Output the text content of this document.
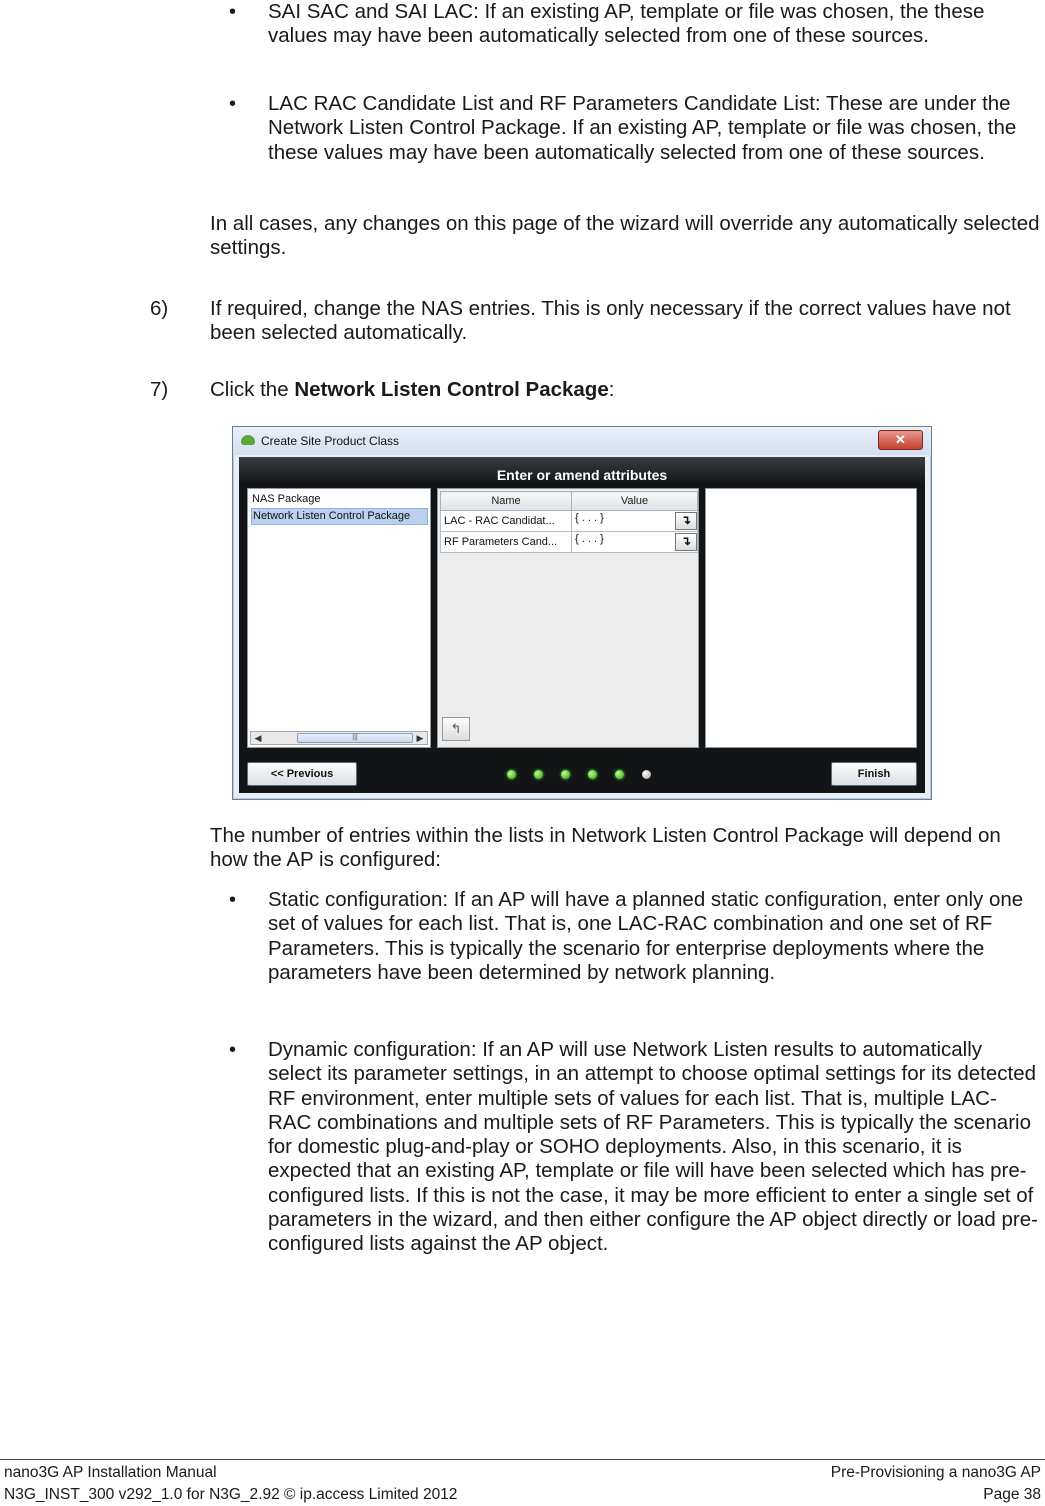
• SAI SAC and SAI LAC: If an existing AP, template or file was chosen, the these values may have been automatically selected from one of these sources.

• LAC RAC Candidate List and RF Parameters Candidate List: These are under the Network Listen Control Package. If an existing AP, template or file was chosen, the these values may have been automatically selected from one of these sources.

In all cases, any changes on this page of the wizard will override any automatically selected settings.

6) If required, change the NAS entries. This is only necessary if the correct values have not been selected automatically.

7) Click the Network Listen Control Package:

Create Site Product Class	✕
Enter or amend attributes
NAS Package
Network Listen Control Package
◀	|||	▶
Name	Value
LAC - RAC Candidat...	{ . . . } ↴

RF Parameters Cand...	{ . . . } ↴
↰
<< Previous	Finish

The number of entries within the lists in Network Listen Control Package will depend on how the AP is configured:

• Static configuration: If an AP will have a planned static configuration, enter only one set of values for each list. That is, one LAC-RAC combination and one set of RF Parameters. This is typically the scenario for enterprise deployments where the parameters have been determined by network planning.

• Dynamic configuration: If an AP will use Network Listen results to automatically select its parameter settings, in an attempt to choose optimal settings for its detected RF environment, enter multiple sets of values for each list. That is, multiple LAC-RAC combinations and multiple sets of RF Parameters. This is typically the scenario for domestic plug-and-play or SOHO deployments. Also, in this scenario, it is expected that an existing AP, template or file will have been selected which has pre-configured lists. If this is not the case, it may be more efficient to enter a single set of parameters in the wizard, and then either configure the AP object directly or load pre-configured lists against the AP object.

nano3G AP Installation Manual
N3G_INST_300 v292_1.0 for N3G_2.92 © ip.access Limited 2012
Pre-Provisioning a nano3G AP
Page 38
